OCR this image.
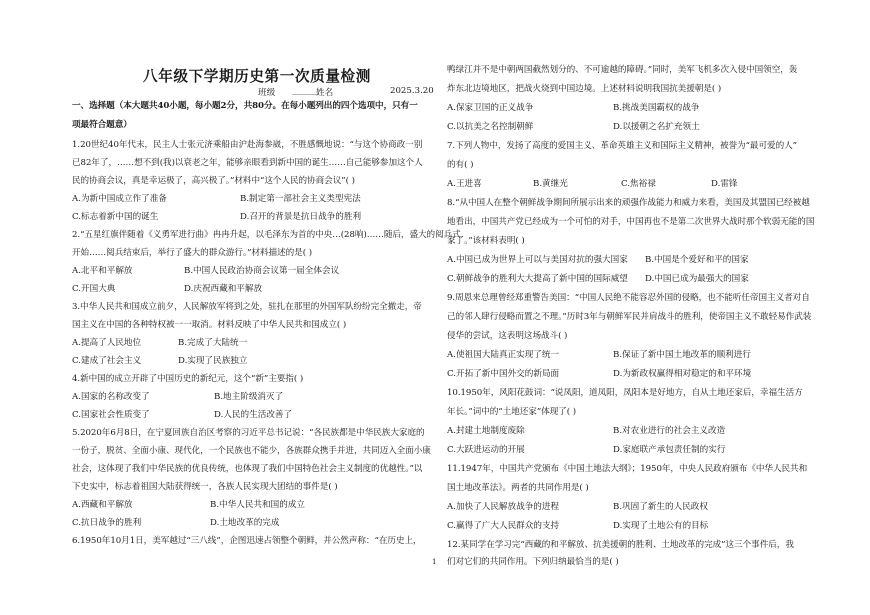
八年级下学期历史第一次质量检测
班级 ______
姓名	2025.3.20
一、选择题（本大题共40小题，每小题2分，共80分。在每小题列出的四个选项中，只有一
项最符合题意）
1.20世纪40年代末，民主人士张元济乘船由沪赴海参崴，不胜感慨地说：“与这个协商政一别
已82年了，……想不到(我)以衰老之年，能够亲眼看到新中国的诞生……自己能够参加这个人
民的协商会议，真是幸运极了，高兴极了。”材料中“这个人民的协商会议”( )
A.为新中国成立作了准备	B.制定第一部社会主义类型宪法
C.标志着新中国的诞生	D.召开的背景是抗日战争的胜利
2.“五星红旗伴随着《义勇军进行曲》冉冉升起，以毛泽东为首的中央…(28响)……随后，盛大的阅兵式
开始……阅兵结束后，举行了盛大的群众游行。”材料描述的是( )
A.北平和平解放	B.中国人民政治协商会议第一届全体会议
C.开国大典	D.庆祝西藏和平解放
3.中华人民共和国成立前夕，人民解放军将到之处，驻扎在那里的外国军队纷纷完全撤走，帝
国主义在中国的各种特权被一一取消。材料反映了中华人民共和国成立( )
A.提高了人民地位	B.完成了大陆统一
C.建成了社会主义	D.实现了民族独立
4.新中国的成立开辟了中国历史的新纪元，这个“新”主要指( )
A.国家的名称改变了	B.地主阶级消灭了
C.国家社会性质变了	D.人民的生活改善了
5.2020年6月8日，在宁夏回族自治区考察的习近平总书记说：“各民族都是中华民族大家庭的
一份子，脱贫、全面小康、现代化，一个民族也不能少，各族群众携手并进，共同迈入全面小康
社会，这体现了我们中华民族的优良传统，也体现了我们中国特色社会主义制度的优越性。”以
下史实中，标志着祖国大陆获得统一，各族人民实现大团结的事件是( )
A.西藏和平解放	B.中华人民共和国的成立
C.抗日战争的胜利	D.土地改革的完成
6.1950年10月1日，美军越过“三八线”，企图迅速占领整个朝鲜，并公然声称：“在历史上，
鸭绿江并不是中朝两国截然划分的、不可逾越的障碍。”同时，美军飞机多次入侵中国领空，轰
炸东北边境地区，把战火烧到中国边境。上述材料说明我国抗美援朝是( )
A.保家卫国的正义战争	B.挑战美国霸权的战争
C.以抗美之名控制朝鲜	D.以援朝之名扩充领土
7.下列人物中，发扬了高度的爱国主义、革命英雄主义和国际主义精神，被誉为“最可爱的人”
的有( )
A.王进喜	B.黄继光	C.焦裕禄	D.雷锋
8.“从中国人在整个朝鲜战争期间所展示出来的顽强作战能力和威力来看，美国及其盟国已经被越
地看出，中国共产党已经成为一个可怕的对手，中国再也不是第二次世界大战时那个软弱无能的国
家了。”该材料表明( )
A.中国已成为世界上可以与美国对抗的强大国家 B.中国是个爱好和平的国家
C.朝鲜战争的胜利大大提高了新中国的国际威望 D.中国已成为最强大的国家
9.周恩来总理曾经郑重警告美国：“中国人民绝不能容忍外国的侵略，也不能听任帝国主义者对自
己的邻人肆行侵略而置之不理。”历时3年与朝鲜军民并肩战斗的胜利，使帝国主义不敢轻易作武装
侵华的尝试，这表明这场战斗( )
A.使祖国大陆真正实现了统一	B.保证了新中国土地改革的顺利进行
C.开拓了新中国外交的新局面	D.为新政权赢得相对稳定的和平环境
10.1950年，风阳花鼓词：“说凤阳，道凤阳，凤阳本是好地方，自从土地还家后，幸福生活方
年长。”词中的“土地还家”体现了( )
A.封建土地制度废除	B.对农业进行的社会主义改造
C.大跃进运动的开展	D.家庭联产承包责任制的实行
11.1947年，中国共产党颁布《中国土地法大纲》；1950年，中央人民政府颁布《中华人民共和
国土地改革法》。两者的共同作用是( )
A.加快了人民解放战争的进程	B.巩固了新生的人民政权
C.赢得了广大人民群众的支持	D.实现了土地公有的目标
12.某同学在学习完“西藏的和平解放、抗美援朝的胜利、土地改革的完成”这三个事件后，我
们对它们的共同作用。下列归纳最恰当的是( )
1
